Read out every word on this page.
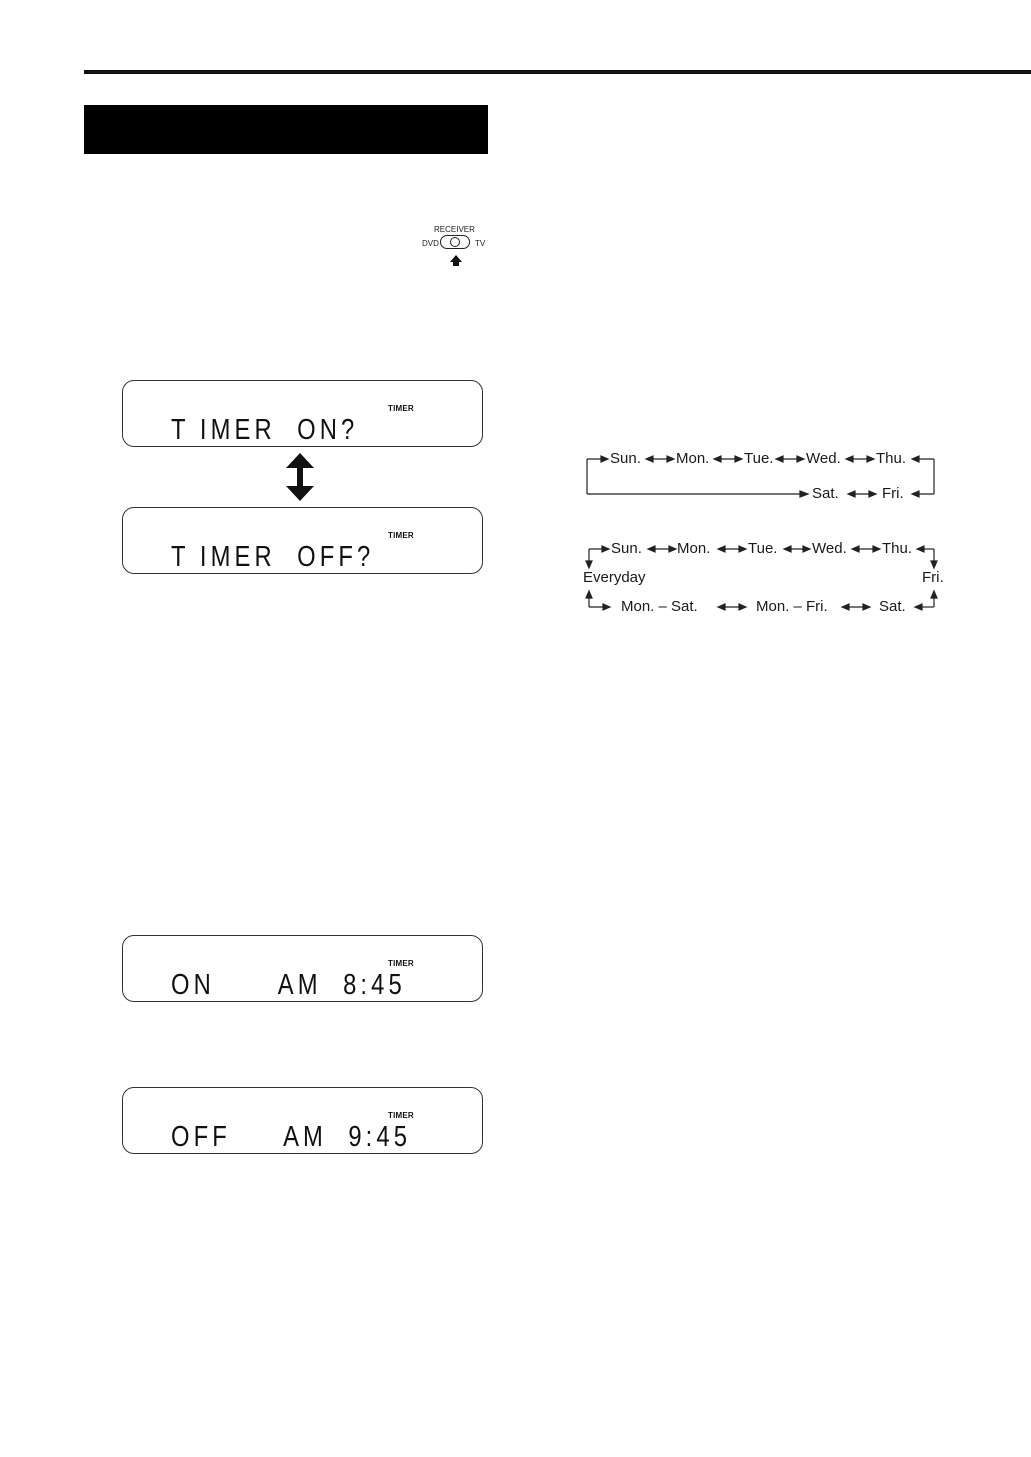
RECEIVER
DVD	TV
TIMER
T IMER  ON?
TIMER
T IMER  OFF?
TIMER
ON      AM  8:45
TIMER
OFF     AM  9:45
Sun. Mon. Tue. Wed. Thu.
Sat.	Fri.
Sun. Mon.	Tue. Wed. Thu.
Everyday	Fri.
Mon. – Sat.	Mon. – Fri.	Sat.
